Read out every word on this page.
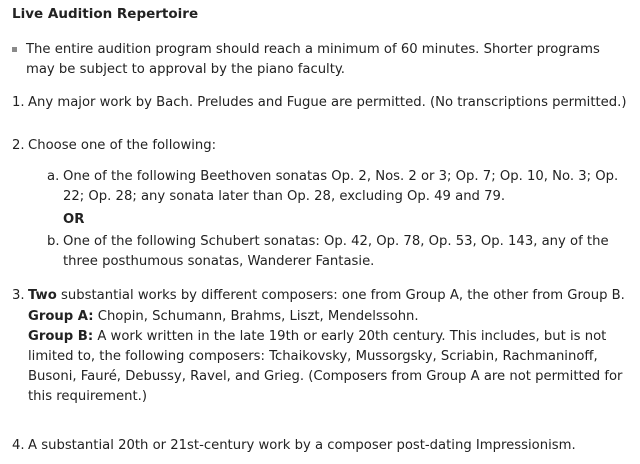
Live Audition Repertoire
The entire audition program should reach a minimum of 60 minutes. Shorter programs may be subject to approval by the piano faculty.
1. Any major work by Bach. Preludes and Fugue are permitted. (No transcriptions permitted.)
2. Choose one of the following:
a. One of the following Beethoven sonatas Op. 2, Nos. 2 or 3; Op. 7; Op. 10, No. 3; Op. 22; Op. 28; any sonata later than Op. 28, excluding Op. 49 and 79.
OR
b. One of the following Schubert sonatas: Op. 42, Op. 78, Op. 53, Op. 143, any of the three posthumous sonatas, Wanderer Fantasie.
3. Two substantial works by different composers: one from Group A, the other from Group B.
Group A: Chopin, Schumann, Brahms, Liszt, Mendelssohn.
Group B: A work written in the late 19th or early 20th century. This includes, but is not limited to, the following composers: Tchaikovsky, Mussorgsky, Scriabin, Rachmaninoff, Busoni, Fauré, Debussy, Ravel, and Grieg. (Composers from Group A are not permitted for this requirement.)
4. A substantial 20th or 21st-century work by a composer post-dating Impressionism.
